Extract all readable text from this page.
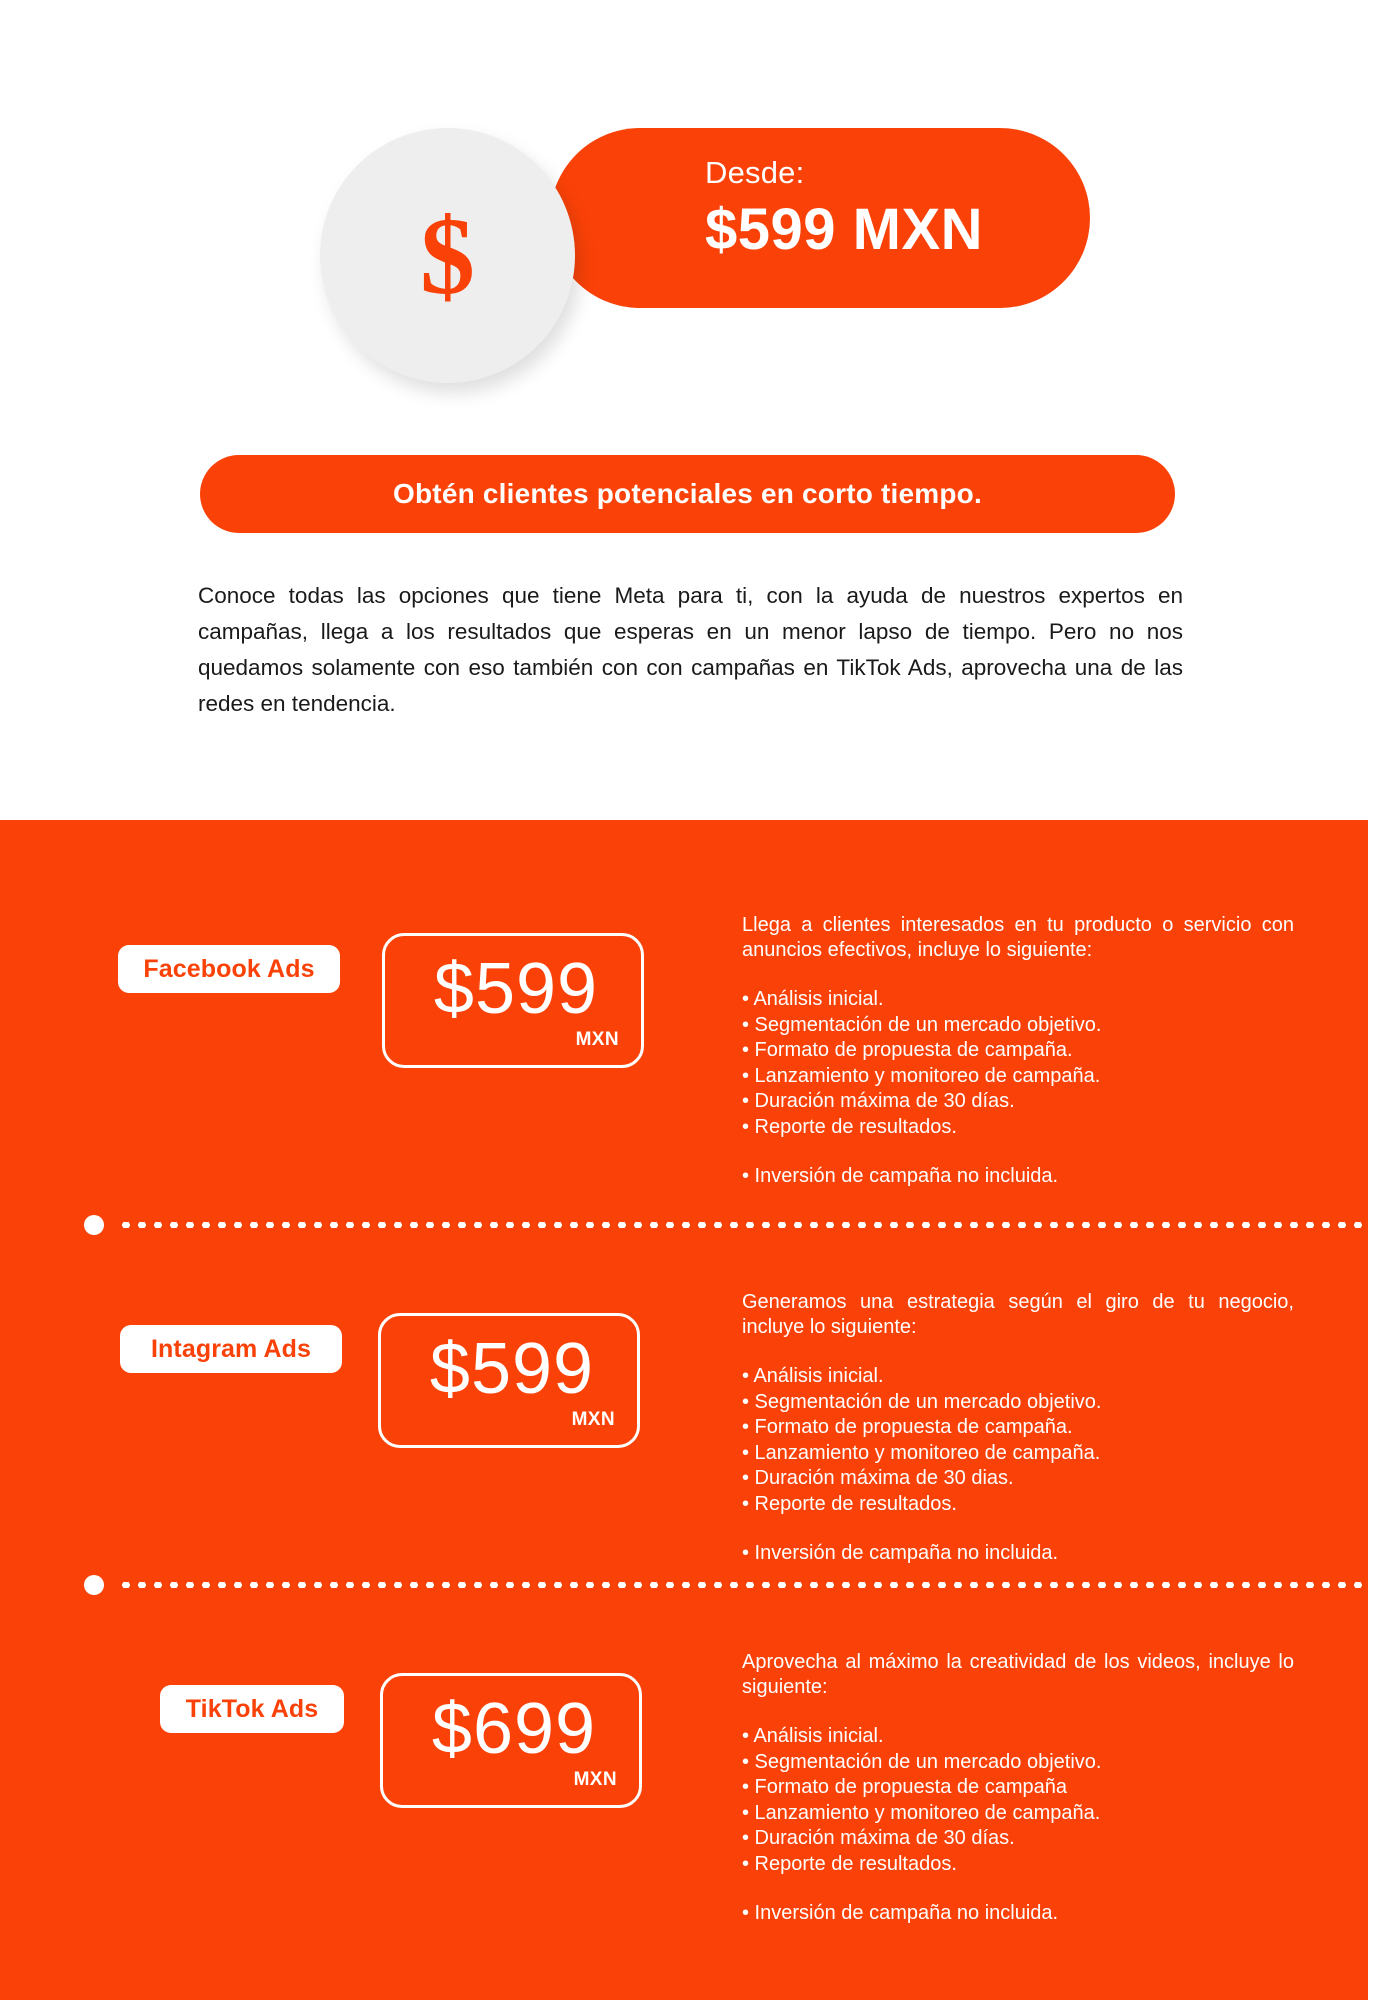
Desde:
$599 MXN
$
Obtén clientes potenciales en corto tiempo.

Conoce todas las opciones que tiene Meta para ti, con la ayuda de nuestros expertos en campañas, llega a los resultados que esperas en un menor lapso de tiempo. Pero no nos quedamos solamente con eso también con con campañas en TikTok Ads, aprovecha una de las redes en tendencia.

Facebook Ads	$599
MXN
Llega a clientes interesados en tu producto o servicio con anuncios efectivos, incluye lo siguiente:
• Análisis inicial.
• Segmentación de un mercado objetivo.
• Formato de propuesta de campaña.
• Lanzamiento y monitoreo de campaña.
• Duración máxima de 30 días.
• Reporte de resultados.
• Inversión de campaña no incluida.
Intagram Ads	$599
MXN
Generamos una estrategia según el giro de tu negocio, incluye lo siguiente:
• Análisis inicial.
• Segmentación de un mercado objetivo.
• Formato de propuesta de campaña.
• Lanzamiento y monitoreo de campaña.
• Duración máxima de 30 dias.
• Reporte de resultados.
• Inversión de campaña no incluida.
TikTok Ads	$699
MXN
Aprovecha al máximo la creatividad de los videos, incluye lo siguiente:
• Análisis inicial.
• Segmentación de un mercado objetivo.
• Formato de propuesta de campaña
• Lanzamiento y monitoreo de campaña.
• Duración máxima de 30 días.
• Reporte de resultados.
• Inversión de campaña no incluida.
